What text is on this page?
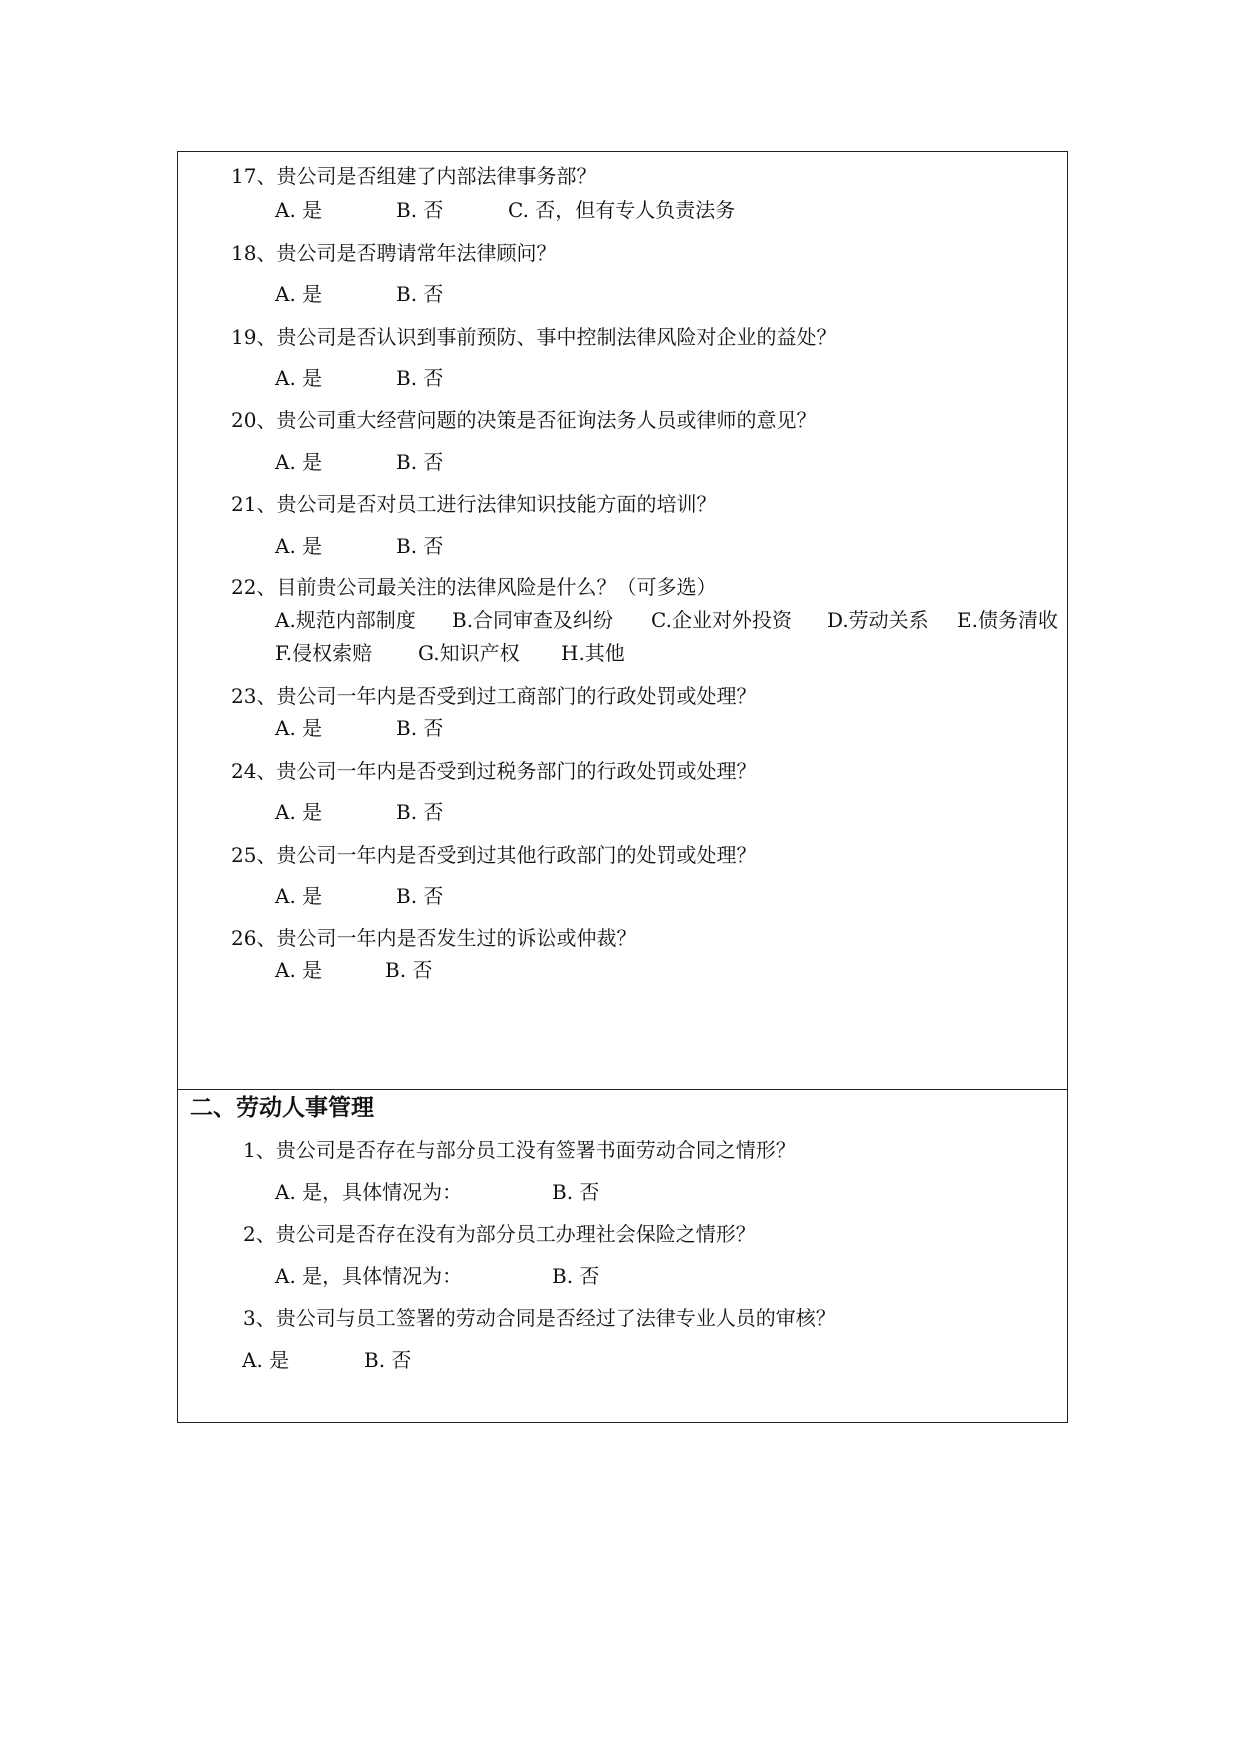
17、贵公司是否组建了内部法律事务部？
A. 是	B. 否	C. 否，但有专人负责法务
18、贵公司是否聘请常年法律顾问？
A. 是	B. 否
19、贵公司是否认识到事前预防、事中控制法律风险对企业的益处？
A. 是	B. 否
20、贵公司重大经营问题的决策是否征询法务人员或律师的意见？
A. 是	B. 否
21、贵公司是否对员工进行法律知识技能方面的培训？
A. 是	B. 否
22、目前贵公司最关注的法律风险是什么？（可多选）
A.规范内部制度 B.合同审查及纠纷 C.企业对外投资 D.劳动关系 E.债务清收
F.侵权索赔 G.知识产权 H.其他
23、贵公司一年内是否受到过工商部门的行政处罚或处理？
A. 是	B. 否
24、贵公司一年内是否受到过税务部门的行政处罚或处理？
A. 是	B. 否
25、贵公司一年内是否受到过其他行政部门的处罚或处理？
A. 是	B. 否
26、贵公司一年内是否发生过的诉讼或仲裁？
A. 是	B. 否
二、劳动人事管理
1、贵公司是否存在与部分员工没有签署书面劳动合同之情形？
A. 是，具体情况为：	B. 否
2、贵公司是否存在没有为部分员工办理社会保险之情形？
A. 是，具体情况为：	B. 否
3、贵公司与员工签署的劳动合同是否经过了法律专业人员的审核？
A. 是	B. 否
